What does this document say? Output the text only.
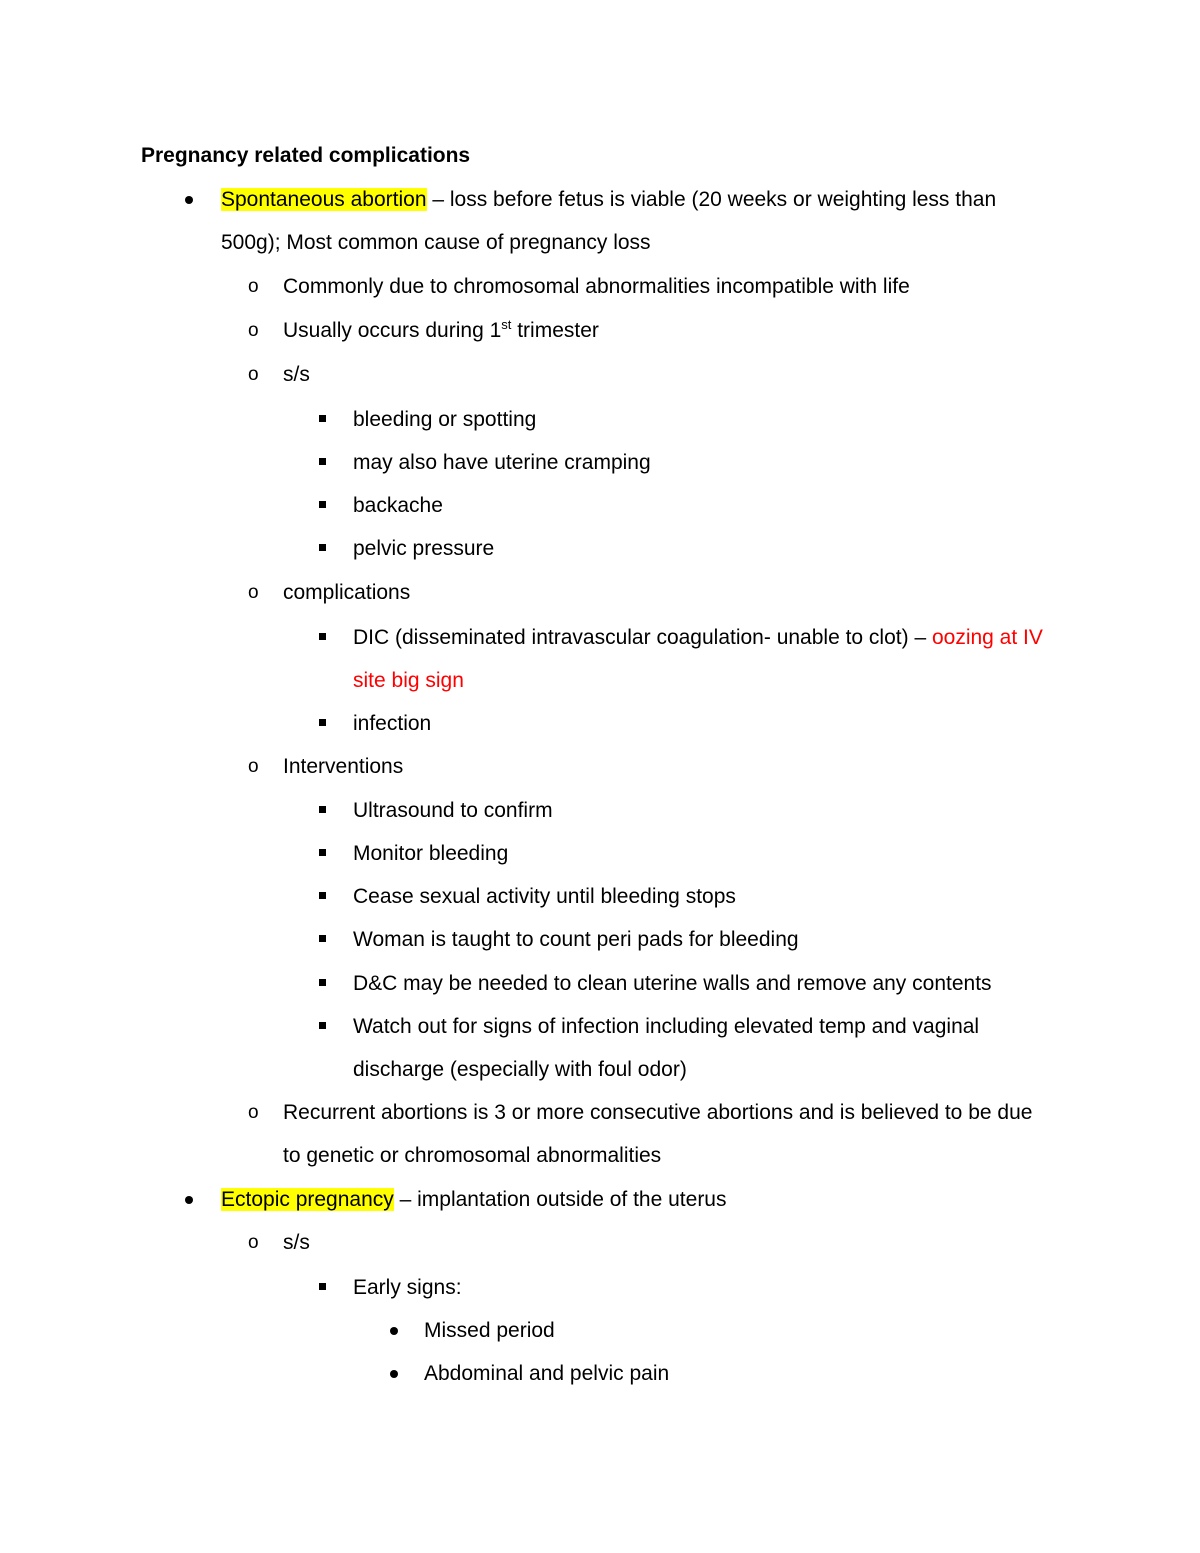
Pregnancy related complications
Spontaneous abortion – loss before fetus is viable (20 weeks or weighting less than
500g); Most common cause of pregnancy loss
o Commonly due to chromosomal abnormalities incompatible with life
o Usually occurs during 1st trimester
o s/s
bleeding or spotting
may also have uterine cramping
backache
pelvic pressure
o complications
DIC (disseminated intravascular coagulation- unable to clot) – oozing at IV
site big sign
infection
o Interventions
Ultrasound to confirm
Monitor bleeding
Cease sexual activity until bleeding stops
Woman is taught to count peri pads for bleeding
D&C may be needed to clean uterine walls and remove any contents
Watch out for signs of infection including elevated temp and vaginal
discharge (especially with foul odor)
o Recurrent abortions is 3 or more consecutive abortions and is believed to be due
to genetic or chromosomal abnormalities
Ectopic pregnancy – implantation outside of the uterus
o s/s
Early signs:
Missed period
Abdominal and pelvic pain
